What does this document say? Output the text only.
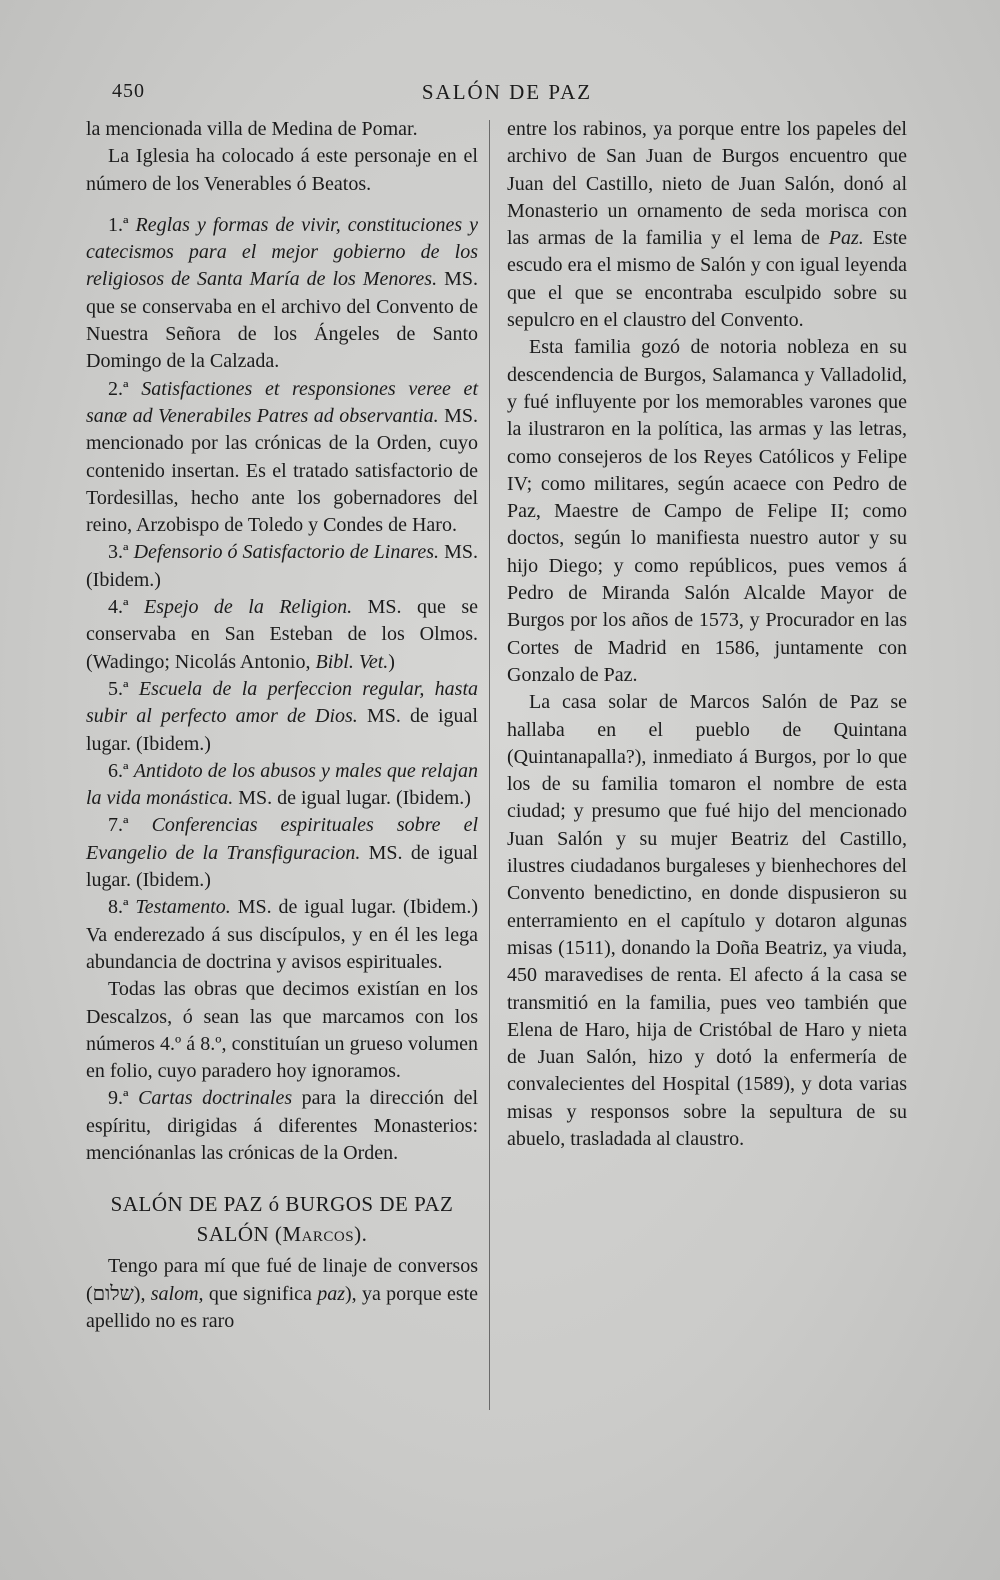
450	SALÓN DE PAZ

la mencionada villa de Medina de Pomar.

La Iglesia ha colocado á este personaje en el número de los Venerables ó Beatos.

1.ª Reglas y formas de vivir, constituciones y catecismos para el mejor gobierno de los religiosos de Santa María de los Menores. MS. que se conservaba en el archivo del Convento de Nuestra Señora de los Ángeles de Santo Domingo de la Calzada.

2.ª Satisfactiones et responsiones veree et sanæ ad Venerabiles Patres ad observantia. MS. mencionado por las crónicas de la Orden, cuyo contenido insertan. Es el tratado satisfactorio de Tordesillas, hecho ante los gobernadores del reino, Arzobispo de Toledo y Condes de Haro.

3.ª Defensorio ó Satisfactorio de Linares. MS. (Ibidem.)

4.ª Espejo de la Religion. MS. que se conservaba en San Esteban de los Olmos. (Wadingo; Nicolás Antonio, Bibl. Vet.)

5.ª Escuela de la perfeccion regular, hasta subir al perfecto amor de Dios. MS. de igual lugar. (Ibidem.)

6.ª Antidoto de los abusos y males que relajan la vida monástica. MS. de igual lugar. (Ibidem.)

7.ª Conferencias espirituales sobre el Evangelio de la Transfiguracion. MS. de igual lugar. (Ibidem.)

8.ª Testamento. MS. de igual lugar. (Ibidem.) Va enderezado á sus discípulos, y en él les lega abundancia de doctrina y avisos espirituales.

Todas las obras que decimos existían en los Descalzos, ó sean las que marcamos con los números 4.º á 8.º, constituían un grueso volumen en folio, cuyo paradero hoy ignoramos.

9.ª Cartas doctrinales para la dirección del espíritu, dirigidas á diferentes Monasterios: menciónanlas las crónicas de la Orden.

SALÓN DE PAZ ó BURGOS DE PAZ
SALÓN (Marcos).

Tengo para mí que fué de linaje de conversos (שלום), salom, que significa paz), ya porque este apellido no es raro

entre los rabinos, ya porque entre los papeles del archivo de San Juan de Burgos encuentro que Juan del Castillo, nieto de Juan Salón, donó al Monasterio un ornamento de seda morisca con las armas de la familia y el lema de Paz. Este escudo era el mismo de Salón y con igual leyenda que el que se encontraba esculpido sobre su sepulcro en el claustro del Convento.

Esta familia gozó de notoria nobleza en su descendencia de Burgos, Salamanca y Valladolid, y fué influyente por los memorables varones que la ilustraron en la política, las armas y las letras, como consejeros de los Reyes Católicos y Felipe IV; como militares, según acaece con Pedro de Paz, Maestre de Campo de Felipe II; como doctos, según lo manifiesta nuestro autor y su hijo Diego; y como repúblicos, pues vemos á Pedro de Miranda Salón Alcalde Mayor de Burgos por los años de 1573, y Procurador en las Cortes de Madrid en 1586, juntamente con Gonzalo de Paz.

La casa solar de Marcos Salón de Paz se hallaba en el pueblo de Quintana (Quintanapalla?), inmediato á Burgos, por lo que los de su familia tomaron el nombre de esta ciudad; y presumo que fué hijo del mencionado Juan Salón y su mujer Beatriz del Castillo, ilustres ciudadanos burgaleses y bienhechores del Convento benedictino, en donde dispusieron su enterramiento en el capítulo y dotaron algunas misas (1511), donando la Doña Beatriz, ya viuda, 450 maravedises de renta. El afecto á la casa se transmitió en la familia, pues veo también que Elena de Haro, hija de Cristóbal de Haro y nieta de Juan Salón, hizo y dotó la enfermería de convalecientes del Hospital (1589), y dota varias misas y responsos sobre la sepultura de su abuelo, trasladada al claustro.
